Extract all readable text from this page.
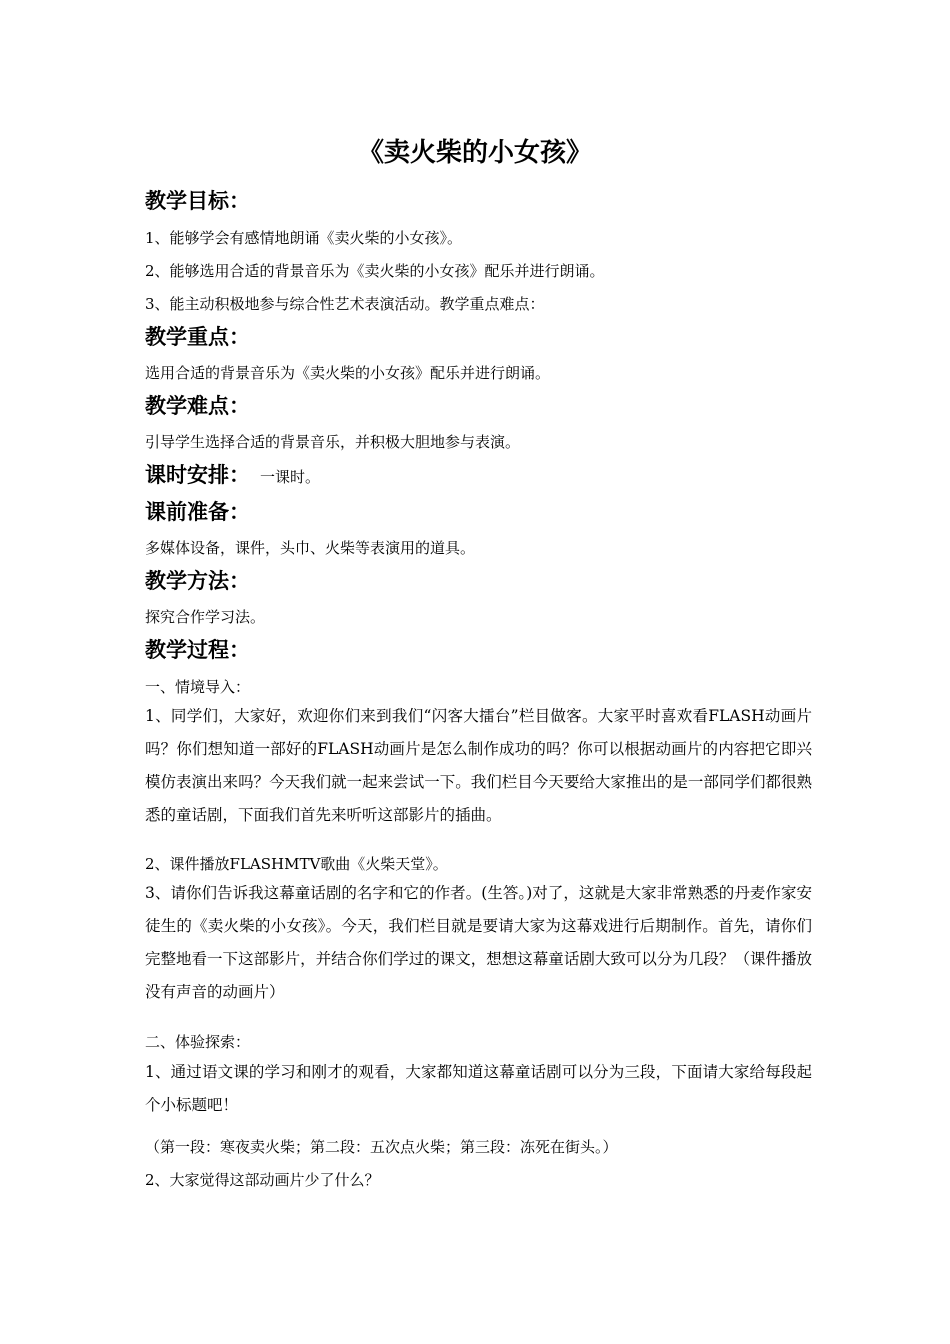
《卖火柴的小女孩》
教学目标：
1、能够学会有感情地朗诵《卖火柴的小女孩》。
2、能够选用合适的背景音乐为《卖火柴的小女孩》配乐并进行朗诵。
3、能主动积极地参与综合性艺术表演活动。教学重点难点：
教学重点：
选用合适的背景音乐为《卖火柴的小女孩》配乐并进行朗诵。
教学难点：
引导学生选择合适的背景音乐，并积极大胆地参与表演。
课时安排： 一课时。
课前准备：
多媒体设备，课件，头巾、火柴等表演用的道具。
教学方法：
探究合作学习法。
教学过程：
一、情境导入：
1、同学们，大家好，欢迎你们来到我们“闪客大擂台”栏目做客。大家平时喜欢看FLASH动画片吗？你们想知道一部好的FLASH动画片是怎么制作成功的吗？你可以根据动画片的内容把它即兴模仿表演出来吗？今天我们就一起来尝试一下。我们栏目今天要给大家推出的是一部同学们都很熟悉的童话剧，下面我们首先来听听这部影片的插曲。
2、课件播放FLASHMTV歌曲《火柴天堂》。
3、请你们告诉我这幕童话剧的名字和它的作者。(生答。)对了，这就是大家非常熟悉的丹麦作家安徒生的《卖火柴的小女孩》。今天，我们栏目就是要请大家为这幕戏进行后期制作。首先，请你们完整地看一下这部影片，并结合你们学过的课文，想想这幕童话剧大致可以分为几段？（课件播放没有声音的动画片）
二、体验探索：
1、通过语文课的学习和刚才的观看，大家都知道这幕童话剧可以分为三段，下面请大家给每段起个小标题吧！
（第一段：寒夜卖火柴；第二段：五次点火柴；第三段：冻死在街头。）
2、大家觉得这部动画片少了什么？
